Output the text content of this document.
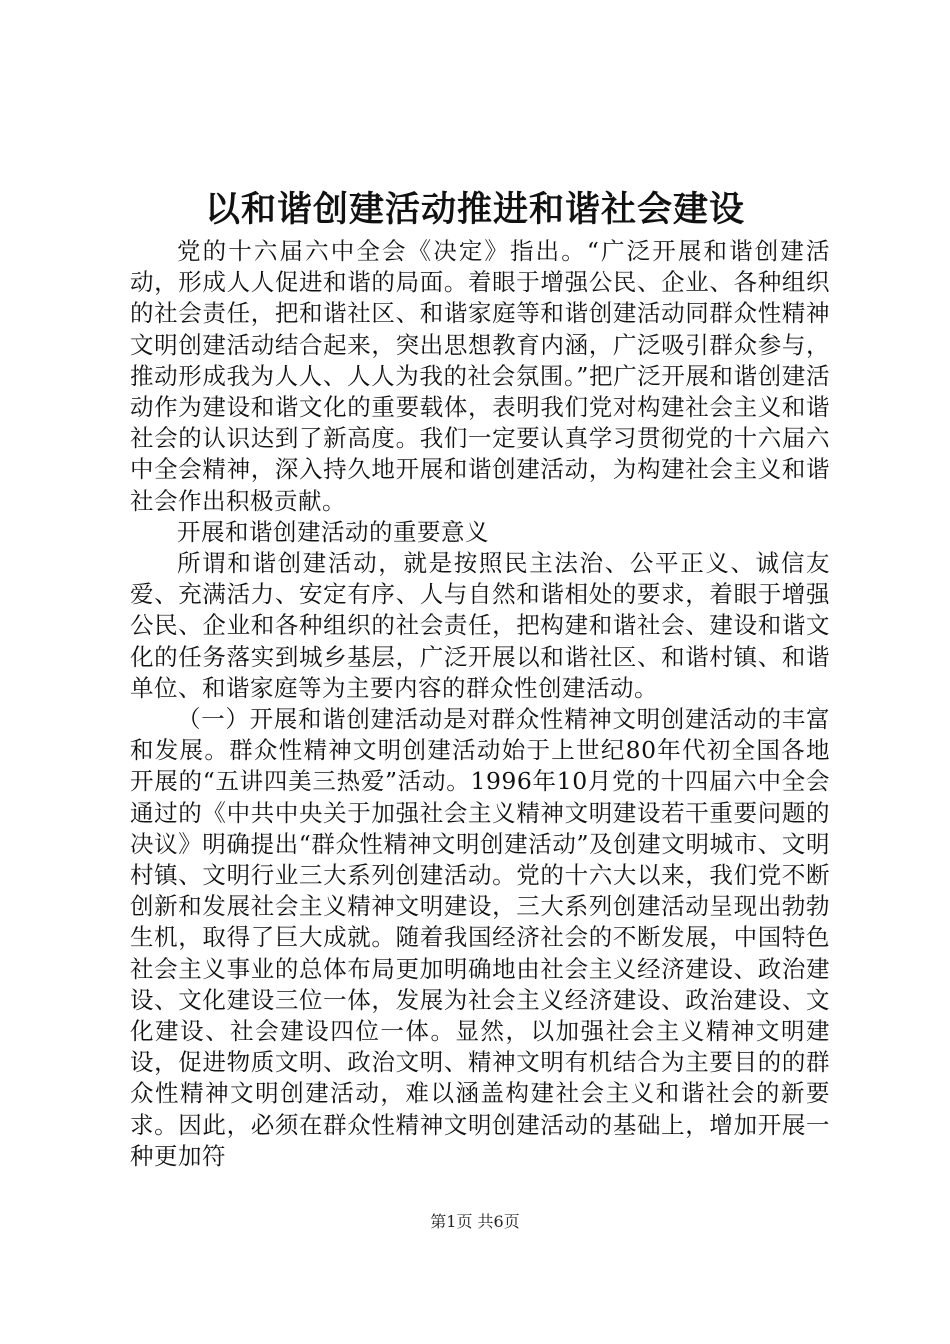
以和谐创建活动推进和谐社会建设

党的十六届六中全会《决定》指出。“广泛开展和谐创建活动，形成人人促进和谐的局面。着眼于增强公民、企业、各种组织的社会责任，把和谐社区、和谐家庭等和谐创建活动同群众性精神文明创建活动结合起来，突出思想教育内涵，广泛吸引群众参与，推动形成我为人人、人人为我的社会氛围。”把广泛开展和谐创建活动作为建设和谐文化的重要载体，表明我们党对构建社会主义和谐社会的认识达到了新高度。我们一定要认真学习贯彻党的十六届六中全会精神，深入持久地开展和谐创建活动，为构建社会主义和谐社会作出积极贡献。

开展和谐创建活动的重要意义

所谓和谐创建活动，就是按照民主法治、公平正义、诚信友爱、充满活力、安定有序、人与自然和谐相处的要求，着眼于增强公民、企业和各种组织的社会责任，把构建和谐社会、建设和谐文化的任务落实到城乡基层，广泛开展以和谐社区、和谐村镇、和谐单位、和谐家庭等为主要内容的群众性创建活动。

（一）开展和谐创建活动是对群众性精神文明创建活动的丰富和发展。群众性精神文明创建活动始于上世纪80年代初全国各地开展的“五讲四美三热爱”活动。1996年10月党的十四届六中全会通过的《中共中央关于加强社会主义精神文明建设若干重要问题的决议》明确提出“群众性精神文明创建活动”及创建文明城市、文明村镇、文明行业三大系列创建活动。党的十六大以来，我们党不断创新和发展社会主义精神文明建设，三大系列创建活动呈现出勃勃生机，取得了巨大成就。随着我国经济社会的不断发展，中国特色社会主义事业的总体布局更加明确地由社会主义经济建设、政治建设、文化建设三位一体，发展为社会主义经济建设、政治建设、文化建设、社会建设四位一体。显然，以加强社会主义精神文明建设，促进物质文明、政治文明、精神文明有机结合为主要目的的群众性精神文明创建活动，难以涵盖构建社会主义和谐社会的新要求。因此，必须在群众性精神文明创建活动的基础上，增加开展一种更加符

第1页 共6页
